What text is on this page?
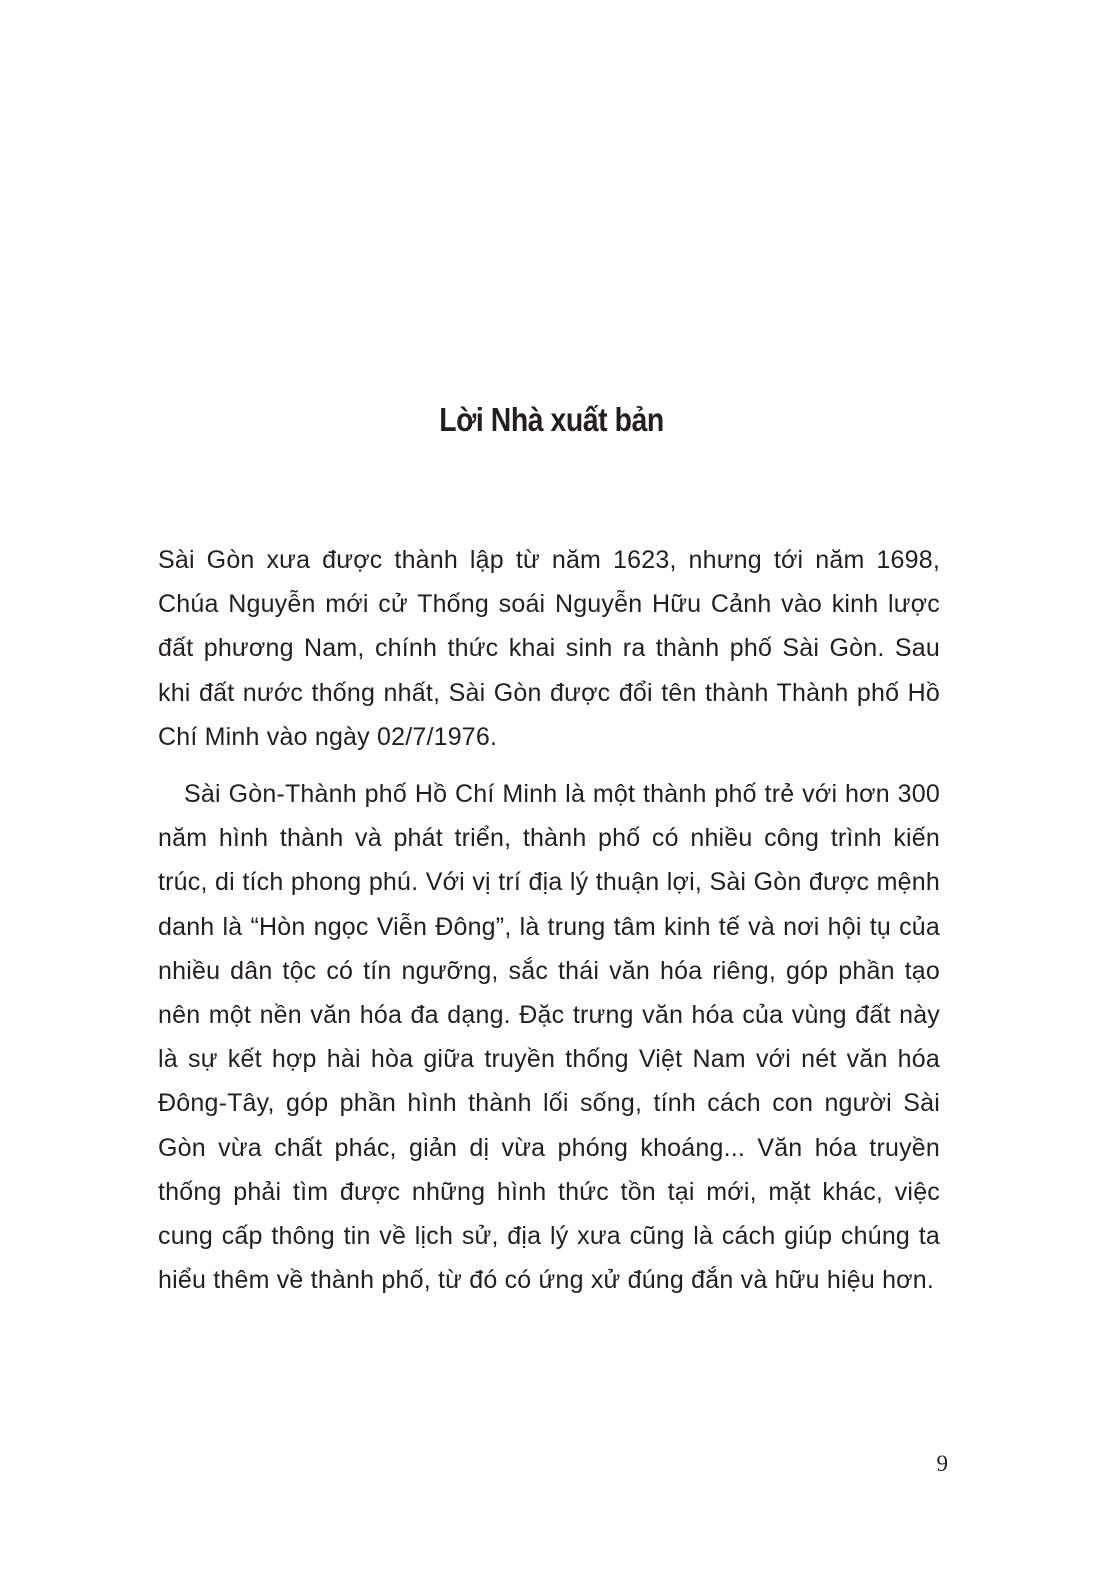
Lời Nhà xuất bản

Sài Gòn xưa được thành lập từ năm 1623, nhưng tới năm 1698, Chúa Nguyễn mới cử Thống soái Nguyễn Hữu Cảnh vào kinh lược đất phương Nam, chính thức khai sinh ra thành phố Sài Gòn. Sau khi đất nước thống nhất, Sài Gòn được đổi tên thành Thành phố Hồ Chí Minh vào ngày 02/7/1976.

Sài Gòn-Thành phố Hồ Chí Minh là một thành phố trẻ với hơn 300 năm hình thành và phát triển, thành phố có nhiều công trình kiến trúc, di tích phong phú. Với vị trí địa lý thuận lợi, Sài Gòn được mệnh danh là “Hòn ngọc Viễn Đông”, là trung tâm kinh tế và nơi hội tụ của nhiều dân tộc có tín ngưỡng, sắc thái văn hóa riêng, góp phần tạo nên một nền văn hóa đa dạng. Đặc trưng văn hóa của vùng đất này là sự kết hợp hài hòa giữa truyền thống Việt Nam với nét văn hóa Đông-Tây, góp phần hình thành lối sống, tính cách con người Sài Gòn vừa chất phác, giản dị vừa phóng khoáng... Văn hóa truyền thống phải tìm được những hình thức tồn tại mới, mặt khác, việc cung cấp thông tin về lịch sử, địa lý xưa cũng là cách giúp chúng ta hiểu thêm về thành phố, từ đó có ứng xử đúng đắn và hữu hiệu hơn.

9
